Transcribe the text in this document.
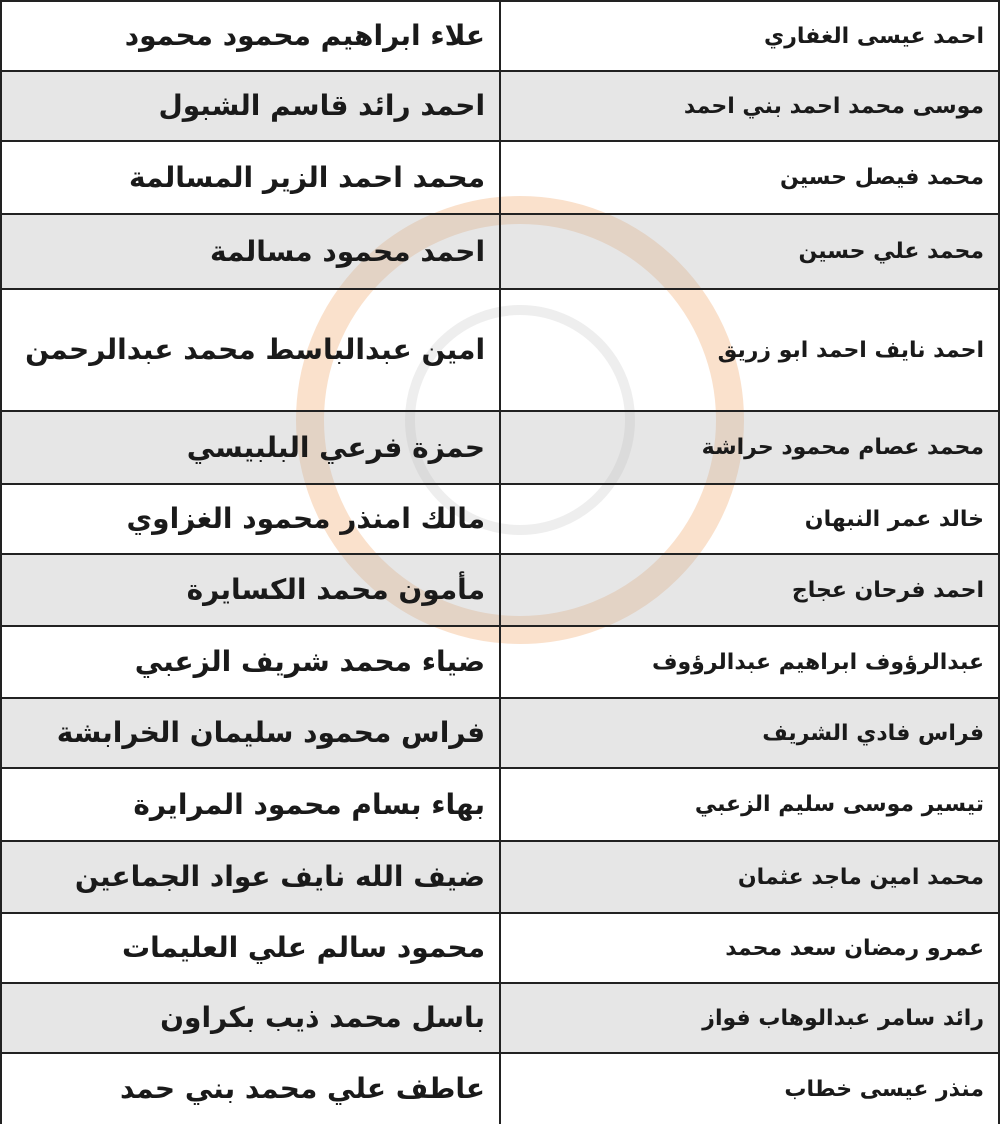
احمد عيسى الغفاري	علاء ابراهيم محمود محمود
موسى محمد احمد بني احمد	احمد رائد قاسم الشبول
محمد فيصل حسين	محمد احمد الزير المسالمة
محمد علي حسين	احمد محمود مسالمة
احمد نايف احمد ابو زريق	امين عبدالباسط محمد عبدالرحمن
محمد عصام محمود حراشة	حمزة فرعي البلبيسي
خالد عمر النبهان	مالك امنذر محمود الغزاوي
احمد فرحان عجاج	مأمون محمد الكسايرة
عبدالرؤوف ابراهيم عبدالرؤوف	ضياء محمد شريف الزعبي
فراس فادي الشريف	فراس محمود سليمان الخرابشة
تيسير موسى سليم الزعبي	بهاء بسام محمود المرايرة
محمد امين ماجد عثمان	ضيف الله نايف عواد الجماعين
عمرو رمضان سعد محمد	محمود سالم علي العليمات
رائد سامر عبدالوهاب فواز	باسل محمد ذيب بكراون
منذر عيسى خطاب	عاطف علي محمد بني حمد
